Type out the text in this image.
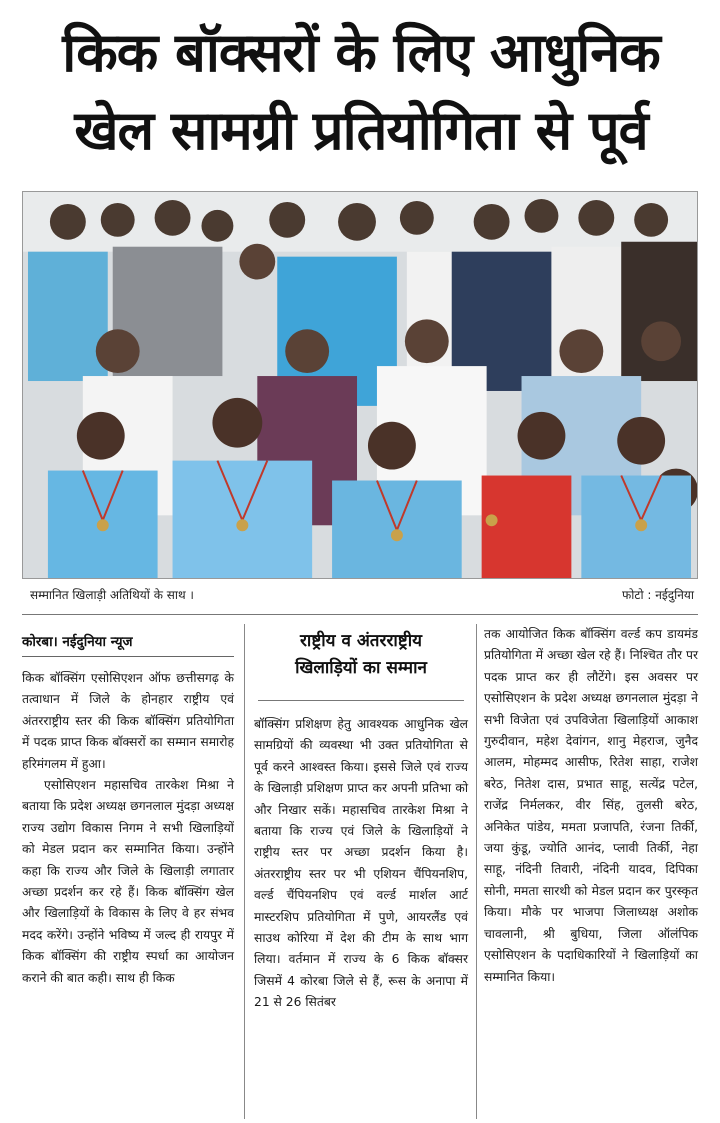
किक बॉक्सरों के लिए आधुनिक
खेल सामग्री प्रतियोगिता से पूर्व
सम्मानित खिलाड़ी अतिथियों के साथ ।	फोटो : नईदुनिया
कोरबा। नईदुनिया न्यूज

किक बॉक्सिंग एसोसिएशन ऑफ छत्तीसगढ़ के तत्वाधान में जिले के होनहार राष्ट्रीय एवं अंतरराष्ट्रीय स्तर की किक बॉक्सिंग प्रतियोगिता में पदक प्राप्त किक बॉक्सरों का सम्मान समारोह हरिमंगलम में हुआ।

एसोसिएशन महासचिव तारकेश मिश्रा ने बताया कि प्रदेश अध्यक्ष छगनलाल मुंदड़ा अध्यक्ष राज्य उद्योग विकास निगम ने सभी खिलाड़ियों को मेडल प्रदान कर सम्मानित किया। उन्होंने कहा कि राज्य और जिले के खिलाड़ी लगातार अच्छा प्रदर्शन कर रहे हैं। किक बॉक्सिंग खेल और खिलाड़ियों के विकास के लिए वे हर संभव मदद करेंगे। उन्होंने भविष्य में जल्द ही रायपुर में किक बॉक्सिंग की राष्ट्रीय स्पर्धा का आयोजन कराने की बात कही। साथ ही किक

राष्ट्रीय व अंतरराष्ट्रीय
खिलाड़ियों का सम्मान

बॉक्सिंग प्रशिक्षण हेतु आवश्यक आधुनिक खेल सामग्रियों की व्यवस्था भी उक्त प्रतियोगिता से पूर्व करने आश्वस्त किया। इससे जिले एवं राज्य के खिलाड़ी प्रशिक्षण प्राप्त कर अपनी प्रतिभा को और निखार सकें। महासचिव तारकेश मिश्रा ने बताया कि राज्य एवं जिले के खिलाड़ियों ने राष्ट्रीय स्तर पर अच्छा प्रदर्शन किया है। अंतरराष्ट्रीय स्तर पर भी एशियन चैंपियनशिप, वर्ल्ड चैंपियनशिप एवं वर्ल्ड मार्शल आर्ट मास्टरशिप प्रतियोगिता में पुणे, आयरलैंड एवं साउथ कोरिया में देश की टीम के साथ भाग लिया। वर्तमान में राज्य के 6 किक बॉक्सर जिसमें 4 कोरबा जिले से हैं, रूस के अनापा में 21 से 26 सितंबर

तक आयोजित किक बॉक्सिंग वर्ल्ड कप डायमंड प्रतियोगिता में अच्छा खेल रहे हैं। निश्चित तौर पर पदक प्राप्त कर ही लौटेंगे। इस अवसर पर एसोसिएशन के प्रदेश अध्यक्ष छगनलाल मुंदड़ा ने सभी विजेता एवं उपविजेता खिलाड़ियों आकाश गुरुदीवान, महेश देवांगन, शानु मेहराज, जुनैद आलम, मोहम्मद आसीफ, रितेश साहा, राजेश बरेठ, नितेश दास, प्रभात साहू, सत्येंद्र पटेल, राजेंद्र निर्मलकर, वीर सिंह, तुलसी बरेठ, अनिकेत पांडेय, ममता प्रजापति, रंजना तिर्की, जया कुंडू, ज्योति आनंद, प्लावी तिर्की, नेहा साहू, नंदिनी तिवारी, नंदिनी यादव, दिपिका सोनी, ममता सारथी को मेडल प्रदान कर पुरस्कृत किया। मौके पर भाजपा जिलाध्यक्ष अशोक चावलानी, श्री बुधिया, जिला ऑलंपिक एसोसिएशन के पदाधिकारियों ने खिलाड़ियों का सम्मानित किया।
